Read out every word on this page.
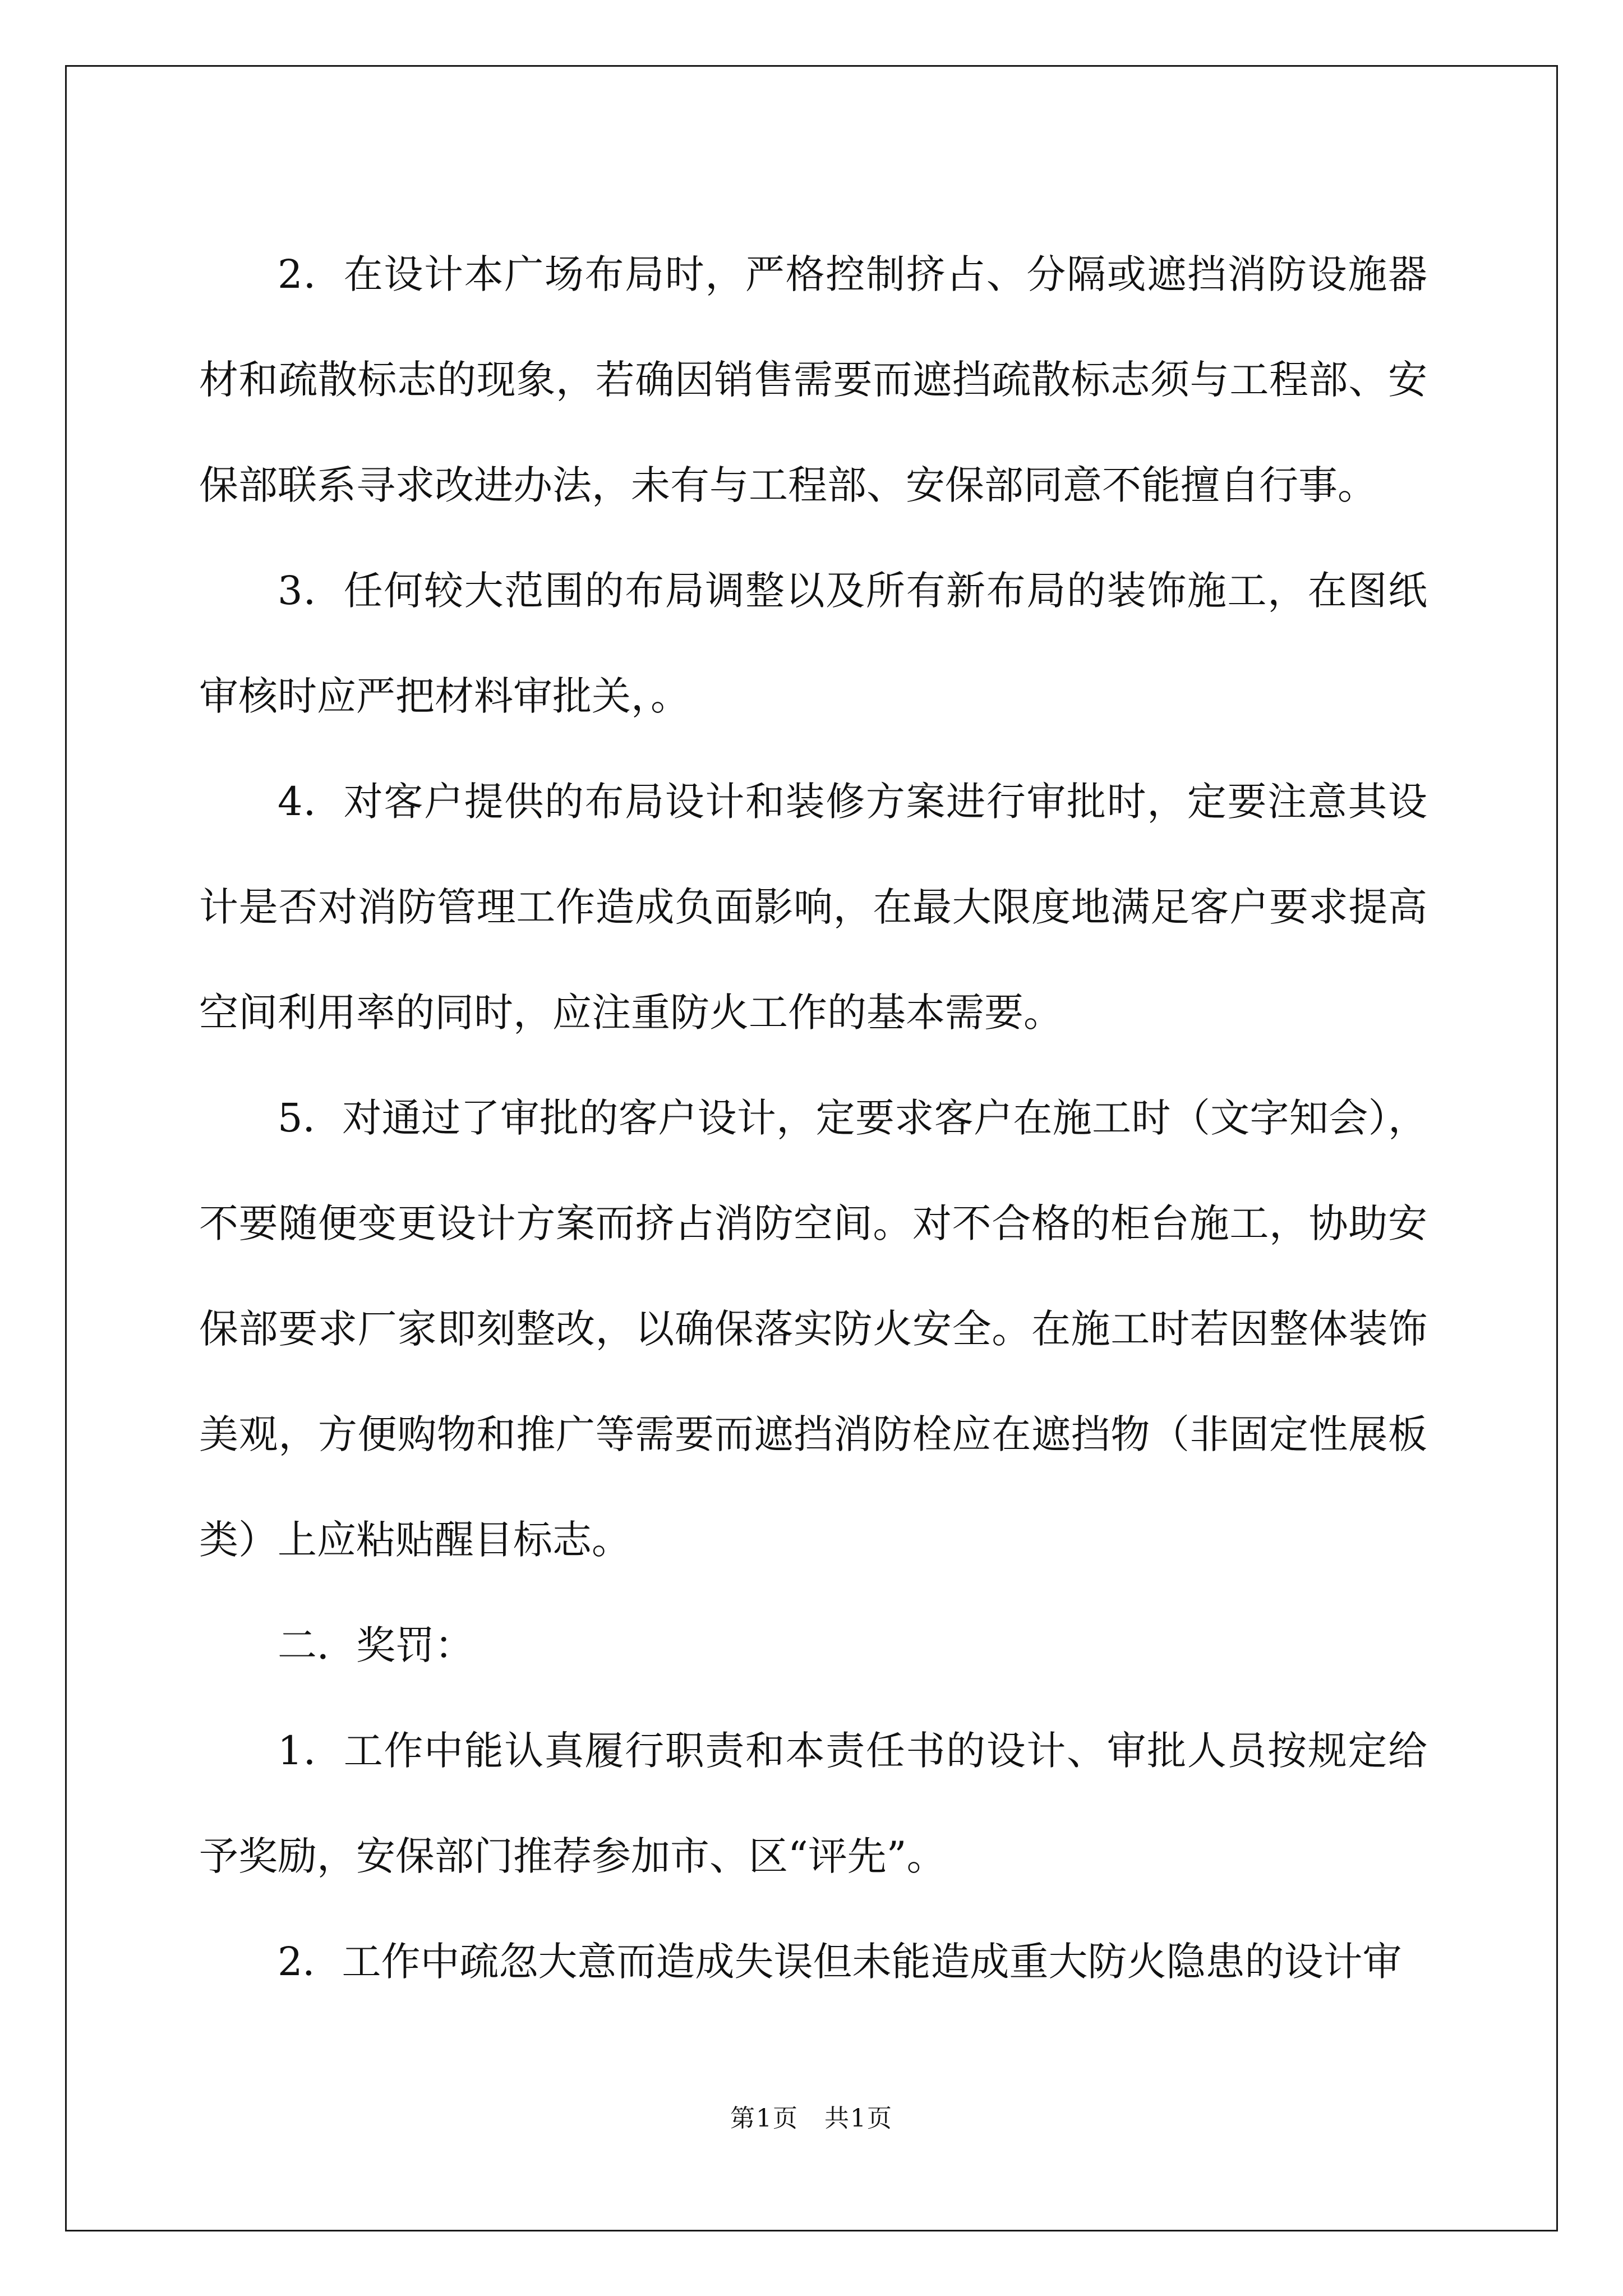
2．在设计本广场布局时，严格控制挤占、分隔或遮挡消防设施器材和疏散标志的现象，若确因销售需要而遮挡疏散标志须与工程部、安保部联系寻求改进办法，未有与工程部、安保部同意不能擅自行事。

3．任何较大范围的布局调整以及所有新布局的装饰施工，在图纸审核时应严把材料审批关，。

4．对客户提供的布局设计和装修方案进行审批时，定要注意其设计是否对消防管理工作造成负面影响，在最大限度地满足客户要求提高空间利用率的同时，应注重防火工作的基本需要。

5．对通过了审批的客户设计，定要求客户在施工时（文字知会），不要随便变更设计方案而挤占消防空间。对不合格的柜台施工，协助安保部要求厂家即刻整改，以确保落实防火安全。在施工时若因整体装饰美观，方便购物和推广等需要而遮挡消防栓应在遮挡物（非固定性展板类）上应粘贴醒目标志。

二．奖罚：

1．工作中能认真履行职责和本责任书的设计、审批人员按规定给予奖励，安保部门推荐参加市、区“评先”。

2．工作中疏忽大意而造成失误但未能造成重大防火隐患的设计审

第1页　共1页
